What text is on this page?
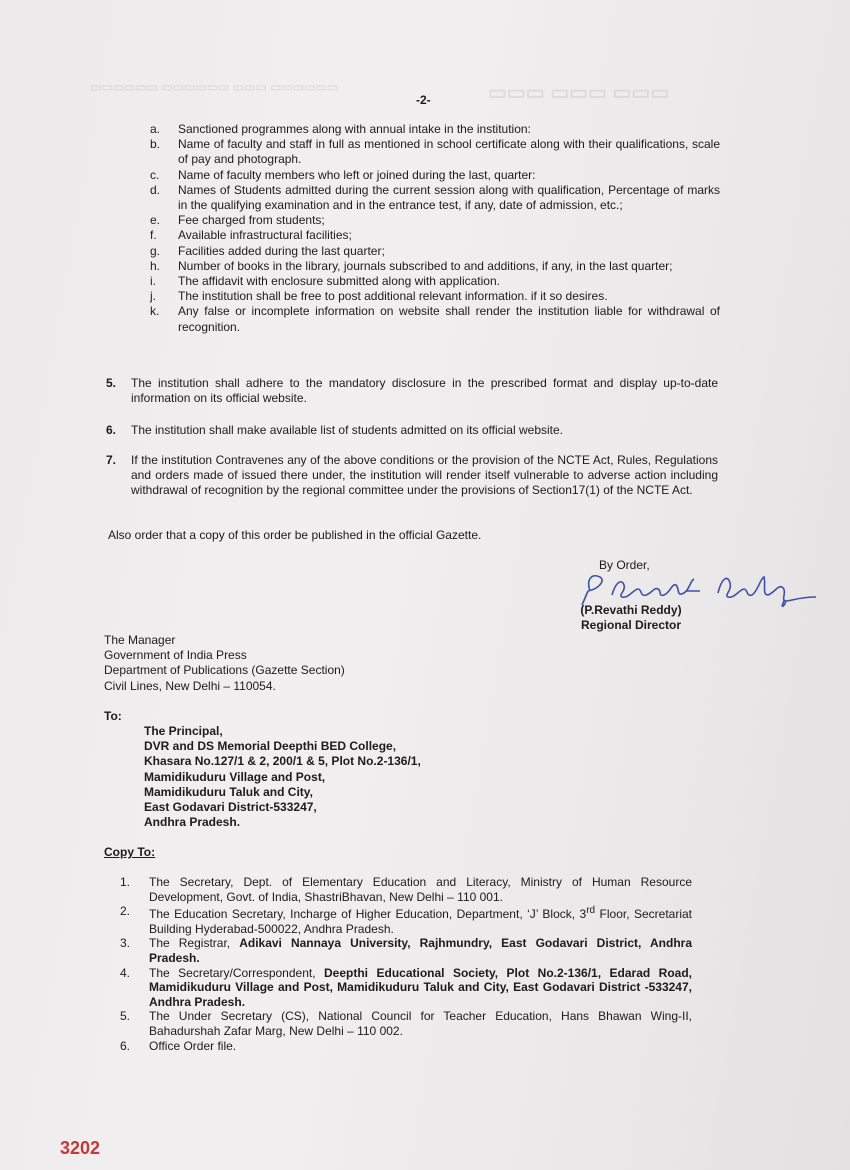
▭▭▭ ▭▭▭ ▭▭▭
▭▭▭▭▭▭ ▭▭▭▭▭▭ ▭▭▭ ▭▭▭▭▭▭
-2-
a.	Sanctioned programmes along with annual intake in the institution:
b.	Name of faculty and staff in full as mentioned in school certificate along with their qualifications, scale of pay and photograph.
c.	Name of faculty members who left or joined during the last, quarter:
d.	Names of Students admitted during the current session along with qualification, Percentage of marks in the qualifying examination and in the entrance test, if any, date of admission, etc.;
e.	Fee charged from students;
f.	Available infrastructural facilities;
g.	Facilities added during the last quarter;
h.	Number of books in the library, journals subscribed to and additions, if any, in the last quarter;
i.	The affidavit with enclosure submitted along with application.
j.	The institution shall be free to post additional relevant information. if it so desires.
k.	Any false or incomplete information on website shall render the institution liable for withdrawal of recognition.
5.	The institution shall adhere to the mandatory disclosure in the prescribed format and display up-to-date information on its official website.
6.	The institution shall make available list of students admitted on its official website.
7.	If the institution Contravenes any of the above conditions or the provision of the NCTE Act, Rules, Regulations and orders made of issued there under, the institution will render itself vulnerable to adverse action including withdrawal of recognition by the regional committee under the provisions of Section17(1) of the NCTE Act.
Also order that a copy of this order be published in the official Gazette.
By Order,
(P.Revathi Reddy)
Regional Director
The Manager
Government of India Press
Department of Publications (Gazette Section)
Civil Lines, New Delhi – 110054.
To:
The Principal,
DVR and DS Memorial Deepthi BED College,
Khasara No.127/1 & 2, 200/1 & 5, Plot No.2-136/1,
Mamidikuduru Village and Post,
Mamidikuduru Taluk and City,
East Godavari District-533247,
Andhra Pradesh.
Copy To:
1.	The Secretary, Dept. of Elementary Education and Literacy, Ministry of Human Resource Development, Govt. of India, ShastriBhavan, New Delhi – 110 001.
2.	The Education Secretary, Incharge of Higher Education, Department, ‘J’ Block, 3rd Floor, Secretariat Building Hyderabad-500022, Andhra Pradesh.
3.	The Registrar, Adikavi Nannaya University, Rajhmundry, East Godavari District, Andhra Pradesh.
4.	The Secretary/Correspondent, Deepthi Educational Society, Plot No.2-136/1, Edarad Road, Mamidikuduru Village and Post, Mamidikuduru Taluk and City, East Godavari District -533247, Andhra Pradesh.
5.	The Under Secretary (CS), National Council for Teacher Education, Hans Bhawan Wing-II, Bahadurshah Zafar Marg, New Delhi – 110 002.
6.	Office Order file.
3202
